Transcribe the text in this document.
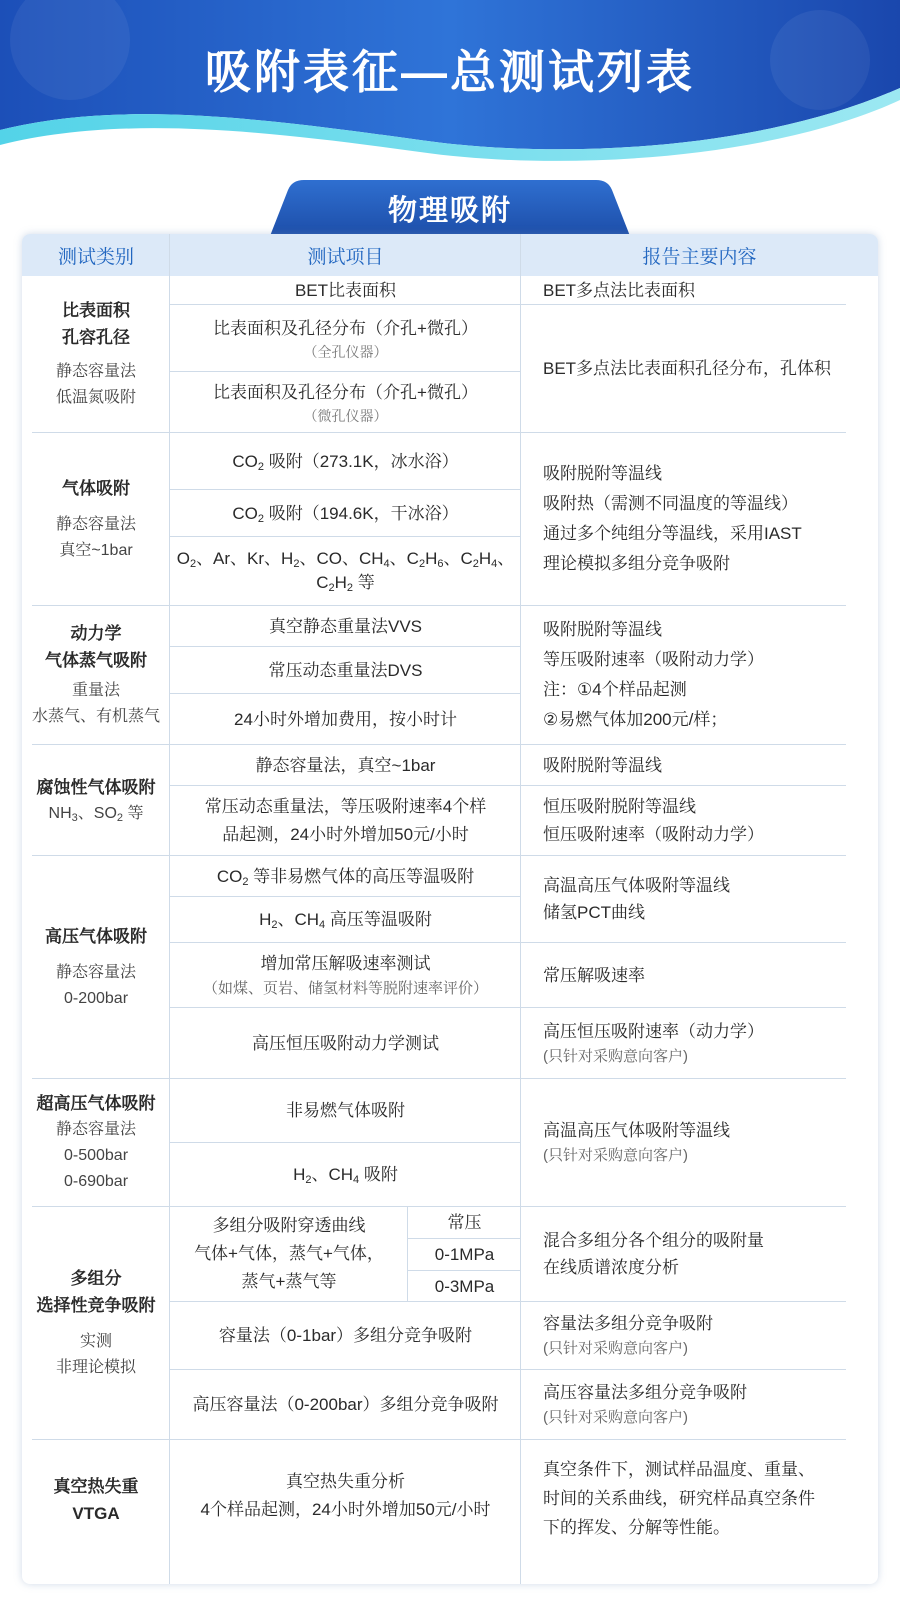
吸附表征—总测试列表
物理吸附
测试类别	测试项目	报告主要内容
比表面积
孔容孔径
静态容量法
低温氮吸附
BET比表面积
比表面积及孔径分布（介孔+微孔）
（全孔仪器）
比表面积及孔径分布（介孔+微孔）
（微孔仪器）
BET多点法比表面积
BET多点法比表面积孔径分布，孔体积
气体吸附
静态容量法
真空~1bar
$CO_2$ 吸附（273.1K，冰水浴）
$CO_2$ 吸附（194.6K，干冰浴）
$O_2$、Ar、Kr、$H_2$、CO、$CH_4$、$C_2H_6$、$C_2H_4$、
$C_2H_2$ 等
吸附脱附等温线
吸附热（需测不同温度的等温线）
通过多个纯组分等温线，采用IAST
理论模拟多组分竞争吸附
动力学
气体蒸气吸附
重量法
水蒸气、有机蒸气
真空静态重量法VVS
常压动态重量法DVS
24小时外增加费用，按小时计
吸附脱附等温线
等压吸附速率（吸附动力学）
注：①4个样品起测
②易燃气体加200元/样；
腐蚀性气体吸附
$NH_3$、$SO_2$ 等
静态容量法，真空~1bar
常压动态重量法，等压吸附速率4个样
品起测，24小时外增加50元/小时
吸附脱附等温线
恒压吸附脱附等温线
恒压吸附速率（吸附动力学）
高压气体吸附
静态容量法
0-200bar
$CO_2$ 等非易燃气体的高压等温吸附
$H_2$、$CH_4$ 高压等温吸附
增加常压解吸速率测试
（如煤、页岩、储氢材料等脱附速率评价）
高压恒压吸附动力学测试
高温高压气体吸附等温线
储氢PCT曲线
常压解吸速率
高压恒压吸附速率（动力学）
(只针对采购意向客户)
超高压气体吸附
静态容量法
0-500bar
0-690bar
非易燃气体吸附
$H_2$、$CH_4$ 吸附
高温高压气体吸附等温线
(只针对采购意向客户)
多组分
选择性竞争吸附
实测
非理论模拟
多组分吸附穿透曲线
气体+气体，蒸气+气体，
蒸气+蒸气等
常压
0-1MPa
0-3MPa
容量法（0-1bar）多组分竞争吸附
高压容量法（0-200bar）多组分竞争吸附
混合多组分各个组分的吸附量
在线质谱浓度分析
容量法多组分竞争吸附
(只针对采购意向客户)
高压容量法多组分竞争吸附
(只针对采购意向客户)
真空热失重
VTGA
真空热失重分析
4个样品起测，24小时外增加50元/小时
真空条件下，测试样品温度、重量、
时间的关系曲线，研究样品真空条件
下的挥发、分解等性能。
